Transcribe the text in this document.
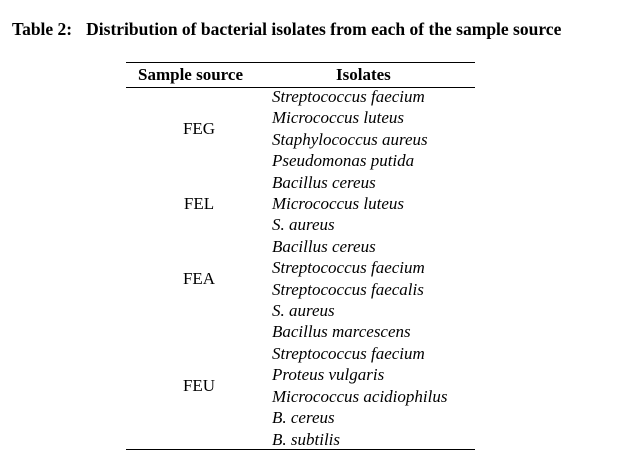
Table 2: Distribution of bacterial isolates from each of the sample source
Sample source	Isolates
FEG
Streptococcus faecium
Micrococcus luteus
Staphylococcus aureus
Pseudomonas putida
FEL
Bacillus cereus
Micrococcus luteus
S. aureus
FEA
Bacillus cereus
Streptococcus faecium
Streptococcus faecalis
S. aureus
FEU
Bacillus marcescens
Streptococcus faecium
Proteus vulgaris
Micrococcus acidiophilus
B. cereus
B. subtilis
